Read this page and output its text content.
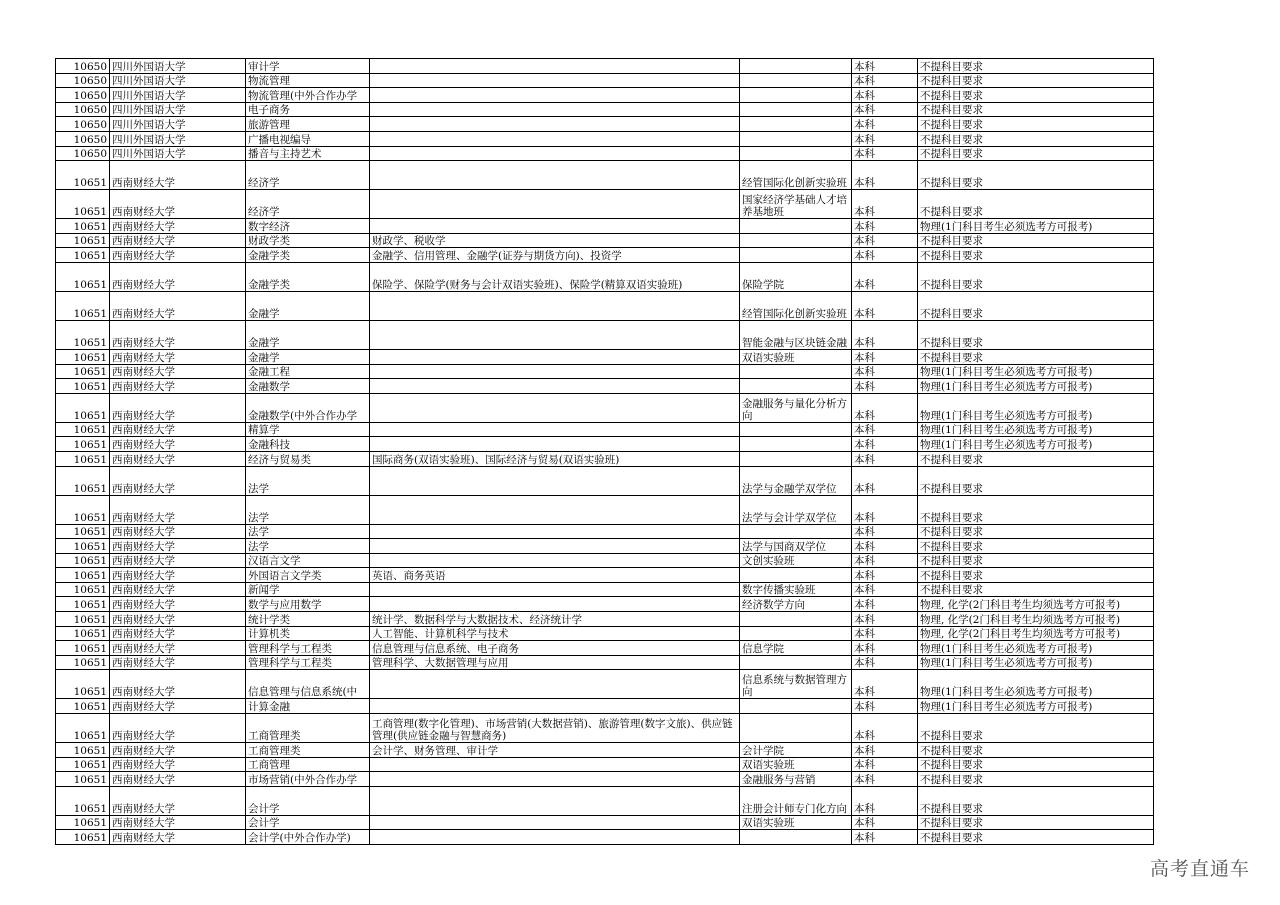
10650	四川外国语大学	审计学			本科	不提科目要求
10650	四川外国语大学	物流管理			本科	不提科目要求
10650	四川外国语大学	物流管理(中外合作办学			本科	不提科目要求
10650	四川外国语大学	电子商务			本科	不提科目要求
10650	四川外国语大学	旅游管理			本科	不提科目要求
10650	四川外国语大学	广播电视编导			本科	不提科目要求
10650	四川外国语大学	播音与主持艺术			本科	不提科目要求
10651	西南财经大学	经济学		经管国际化创新实验班	本科	不提科目要求
10651	西南财经大学	经济学		国家经济学基础人才培养基地班	本科	不提科目要求
10651	西南财经大学	数字经济			本科	物理(1门科目考生必须选考方可报考)
10651	西南财经大学	财政学类	财政学、税收学		本科	不提科目要求
10651	西南财经大学	金融学类	金融学、信用管理、金融学(证券与期货方向)、投资学		本科	不提科目要求
10651	西南财经大学	金融学类	保险学、保险学(财务与会计双语实验班)、保险学(精算双语实验班)	保险学院	本科	不提科目要求
10651	西南财经大学	金融学		经管国际化创新实验班	本科	不提科目要求
10651	西南财经大学	金融学		智能金融与区块链金融	本科	不提科目要求
10651	西南财经大学	金融学		双语实验班	本科	不提科目要求
10651	西南财经大学	金融工程			本科	物理(1门科目考生必须选考方可报考)
10651	西南财经大学	金融数学			本科	物理(1门科目考生必须选考方可报考)
10651	西南财经大学	金融数学(中外合作办学		金融服务与量化分析方向	本科	物理(1门科目考生必须选考方可报考)
10651	西南财经大学	精算学			本科	物理(1门科目考生必须选考方可报考)
10651	西南财经大学	金融科技			本科	物理(1门科目考生必须选考方可报考)
10651	西南财经大学	经济与贸易类	国际商务(双语实验班)、国际经济与贸易(双语实验班)		本科	不提科目要求
10651	西南财经大学	法学		法学与金融学双学位	本科	不提科目要求
10651	西南财经大学	法学		法学与会计学双学位	本科	不提科目要求
10651	西南财经大学	法学			本科	不提科目要求
10651	西南财经大学	法学		法学与国商双学位	本科	不提科目要求
10651	西南财经大学	汉语言文学		文创实验班	本科	不提科目要求
10651	西南财经大学	外国语言文学类	英语、商务英语		本科	不提科目要求
10651	西南财经大学	新闻学		数字传播实验班	本科	不提科目要求
10651	西南财经大学	数学与应用数学		经济数学方向	本科	物理, 化学(2门科目考生均须选考方可报考)
10651	西南财经大学	统计学类	统计学、数据科学与大数据技术、经济统计学		本科	物理, 化学(2门科目考生均须选考方可报考)
10651	西南财经大学	计算机类	人工智能、计算机科学与技术		本科	物理, 化学(2门科目考生均须选考方可报考)
10651	西南财经大学	管理科学与工程类	信息管理与信息系统、电子商务	信息学院	本科	物理(1门科目考生必须选考方可报考)
10651	西南财经大学	管理科学与工程类	管理科学、大数据管理与应用		本科	物理(1门科目考生必须选考方可报考)
10651	西南财经大学	信息管理与信息系统(中		信息系统与数据管理方向	本科	物理(1门科目考生必须选考方可报考)
10651	西南财经大学	计算金融			本科	物理(1门科目考生必须选考方可报考)
10651	西南财经大学	工商管理类	工商管理(数字化管理)、市场营销(大数据营销)、旅游管理(数字文旅)、供应链管理(供应链金融与智慧商务)		本科	不提科目要求
10651	西南财经大学	工商管理类	会计学、财务管理、审计学	会计学院	本科	不提科目要求
10651	西南财经大学	工商管理		双语实验班	本科	不提科目要求
10651	西南财经大学	市场营销(中外合作办学		金融服务与营销	本科	不提科目要求
10651	西南财经大学	会计学		注册会计师专门化方向	本科	不提科目要求
10651	西南财经大学	会计学		双语实验班	本科	不提科目要求
10651	西南财经大学	会计学(中外合作办学)			本科	不提科目要求
高考直通车
